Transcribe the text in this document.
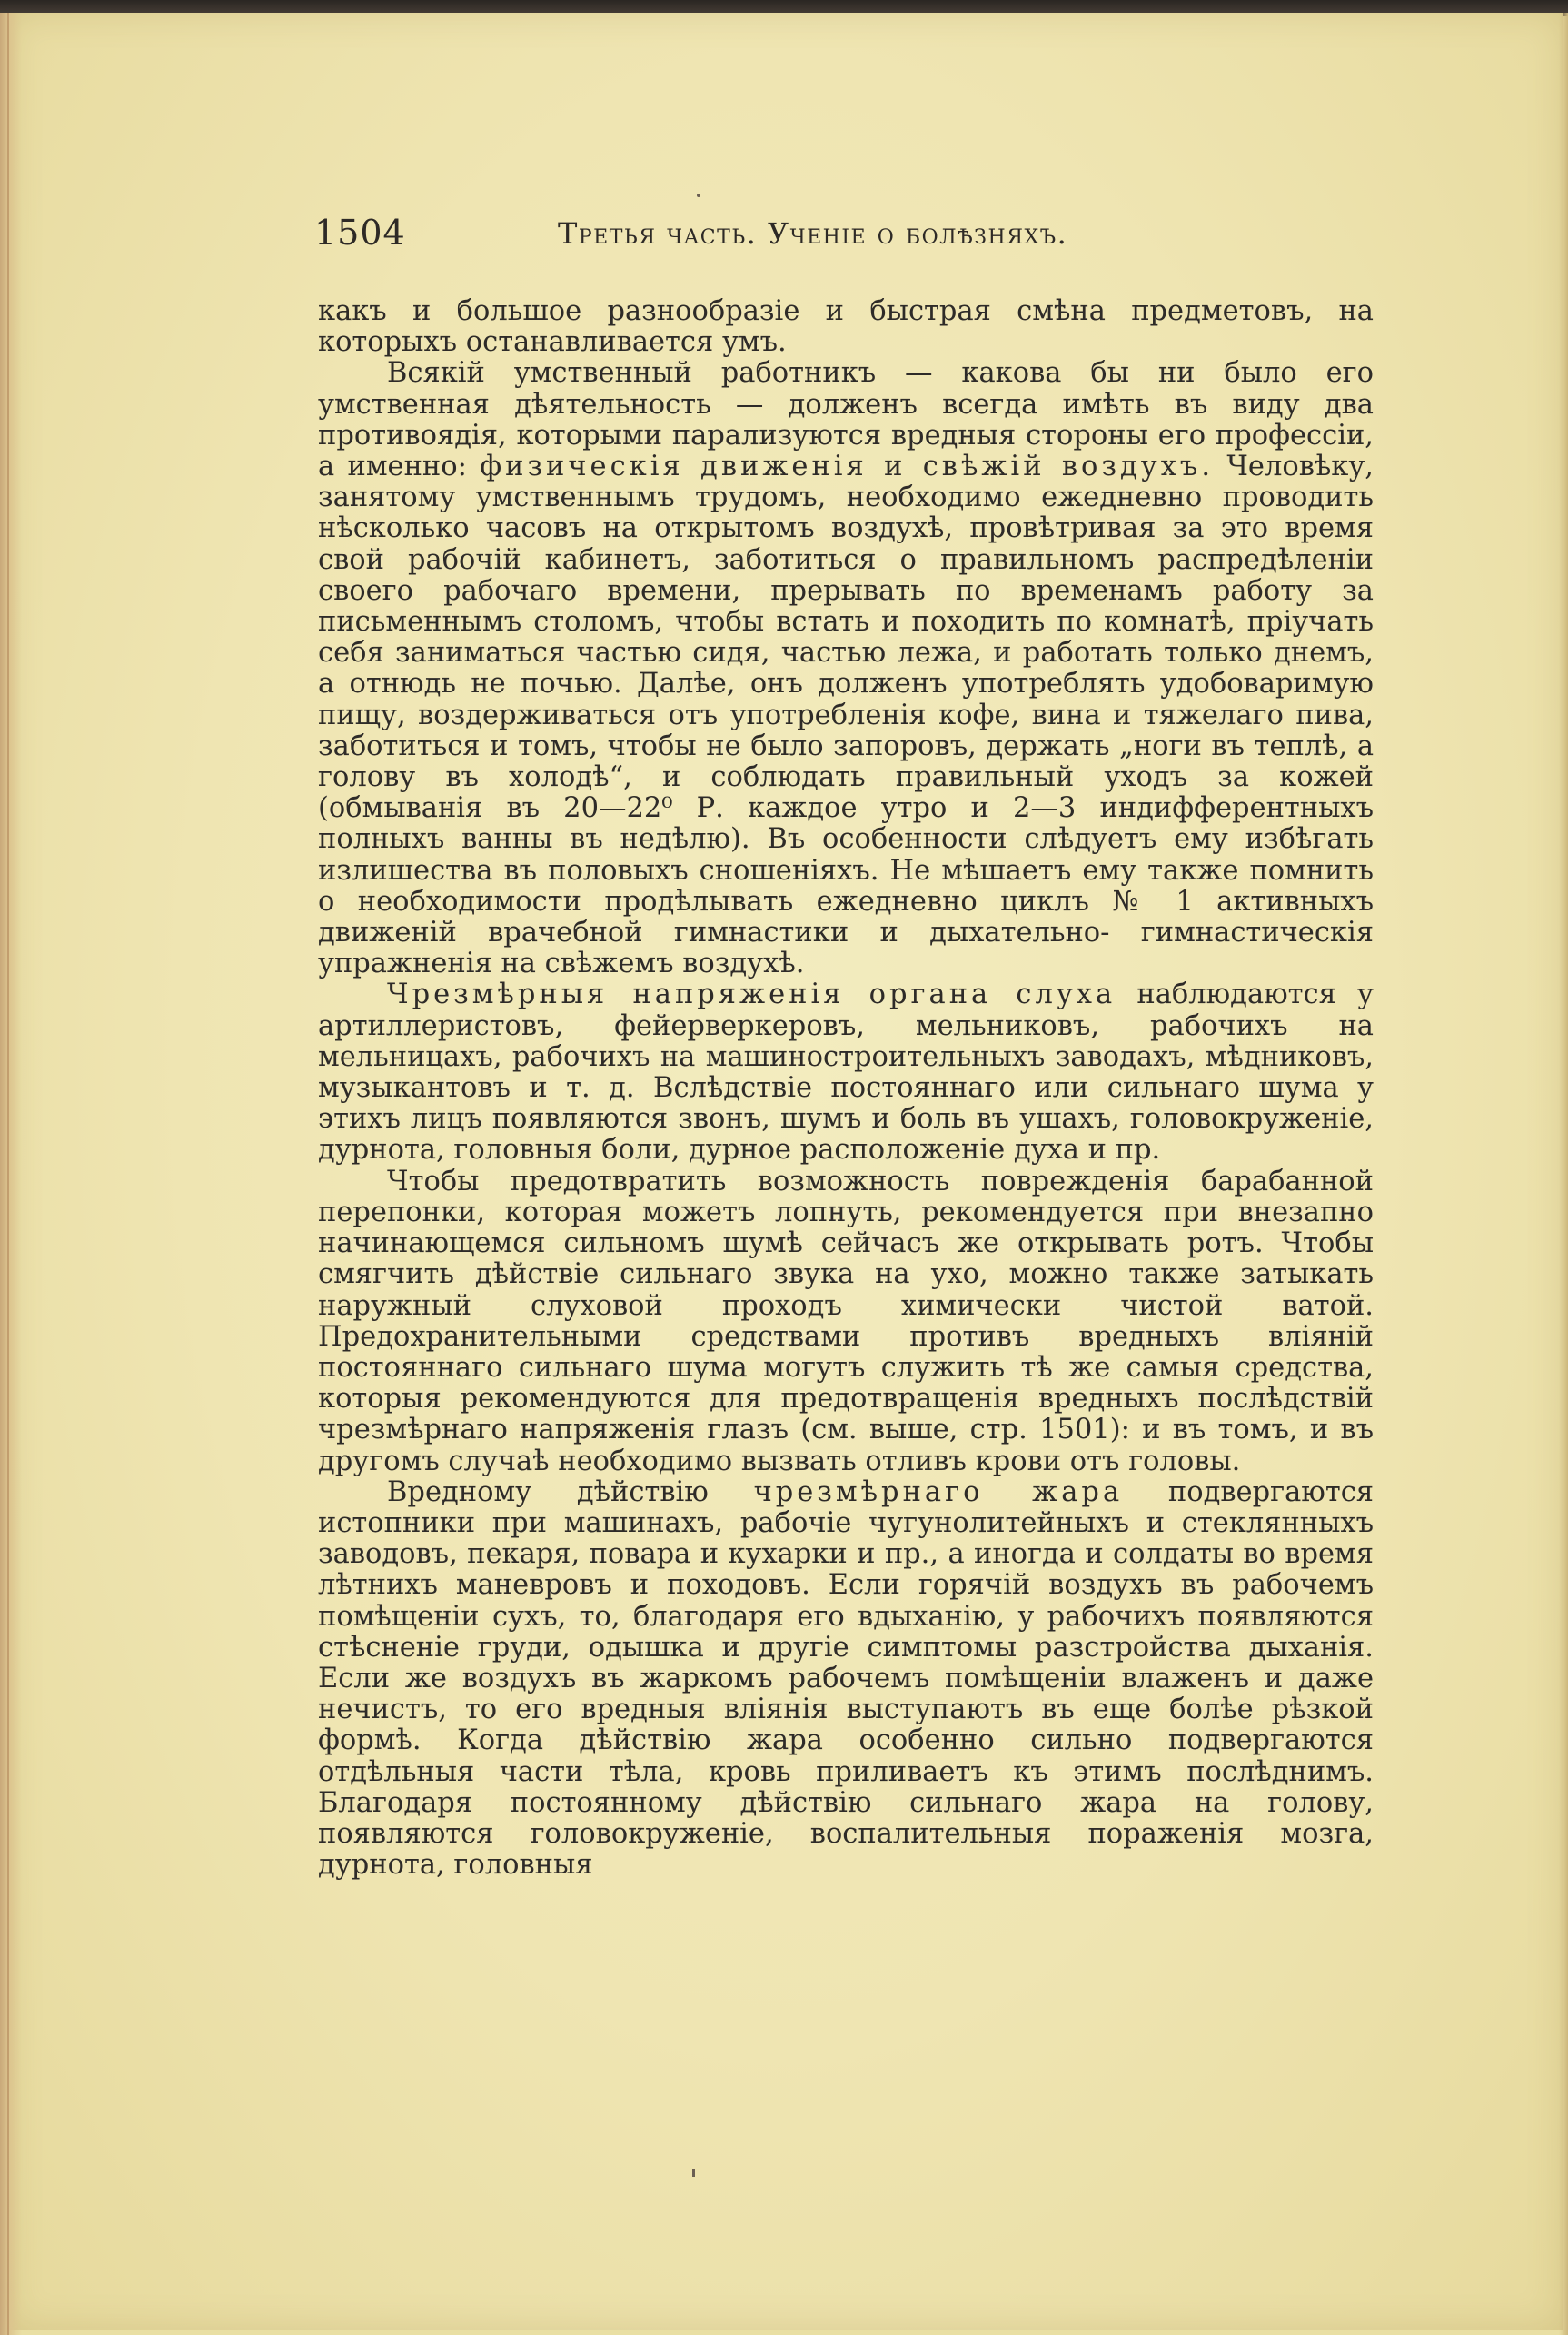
1504	Третья часть. Ученіе о болѣзняхъ.

какъ и большое разнообразіе и быстрая смѣна предметовъ, на которыхъ останавливается умъ.

Всякій умственный работникъ — какова бы ни было его умственная дѣятельность — долженъ всегда имѣть въ виду два противоядія, которыми парализуются вредныя стороны его профессіи, а именно: физическія движенія и свѣжій воздухъ. Человѣку, занятому умственнымъ трудомъ, необходимо ежедневно проводить нѣсколько часовъ на открытомъ воздухѣ, провѣтривая за это время свой рабочій кабинетъ, заботиться о правильномъ распредѣленіи своего рабочаго времени, прерывать по временамъ работу за письменнымъ столомъ, чтобы встать и походить по комнатѣ, пріучать себя заниматься частью сидя, частью лежа, и работать только днемъ, а отнюдь не почью. Далѣе, онъ долженъ употреблять удобоваримую пищу, воздерживаться отъ употребленія кофе, вина и тяжелаго пива, заботиться и томъ, чтобы не было запоровъ, держать „ноги въ теплѣ, а голову въ холодѣ“, и соблюдать правильный уходъ за кожей (обмыванія въ 20—22⁰ Р. каждое утро и 2—3 индифферентныхъ полныхъ ванны въ недѣлю). Въ особенности слѣдуетъ ему избѣгать излишества въ половыхъ сношеніяхъ. Не мѣшаетъ ему также помнить о необходимости продѣлывать ежедневно циклъ № 1 активныхъ движеній врачебной гимнастики и дыхательно- гимнастическія упражненія на свѣжемъ воздухѣ.

Чрезмѣрныя напряженія органа слуха наблюдаются у артиллеристовъ, фейерверкеровъ, мельниковъ, рабочихъ на мельницахъ, рабочихъ на машиностроительныхъ заводахъ, мѣдниковъ, музыкантовъ и т. д. Вслѣдствіе постояннаго или сильнаго шума у этихъ лицъ появляются звонъ, шумъ и боль въ ушахъ, головокруженіе, дурнота, головныя боли, дурное расположеніе духа и пр.

Чтобы предотвратить возможность поврежденія барабанной перепонки, которая можетъ лопнуть, рекомендуется при внезапно начинающемся сильномъ шумѣ сейчасъ же открывать ротъ. Чтобы смягчить дѣйствіе сильнаго звука на ухо, можно также затыкать наружный слуховой проходъ химически чистой ватой. Предохранительными средствами противъ вредныхъ вліяній постояннаго сильнаго шума могутъ служить тѣ же самыя средства, которыя рекомендуются для предотвращенія вредныхъ послѣдствій чрезмѣрнаго напряженія глазъ (см. выше, стр. 1501): и въ томъ, и въ другомъ случаѣ необходимо вызвать отливъ крови отъ головы.

Вредному дѣйствію чрезмѣрнаго жара подвергаются истопники при машинахъ, рабочіе чугунолитейныхъ и стеклянныхъ заводовъ, пекаря, повара и кухарки и пр., а иногда и солдаты во время лѣтнихъ маневровъ и походовъ. Если горячій воздухъ въ рабочемъ помѣщеніи сухъ, то, благодаря его вдыханію, у рабочихъ появляются стѣсненіе груди, одышка и другіе симптомы разстройства дыханія. Если же воздухъ въ жаркомъ рабочемъ помѣщеніи влаженъ и даже нечистъ, то его вредныя вліянія выступаютъ въ еще болѣе рѣзкой формѣ. Когда дѣйствію жара особенно сильно подвергаются отдѣльныя части тѣла, кровь приливаетъ къ этимъ послѣднимъ. Благодаря постоянному дѣйствію сильнаго жара на голову, появляются головокруженіе, воспалительныя пораженія мозга, дурнота, головныя
